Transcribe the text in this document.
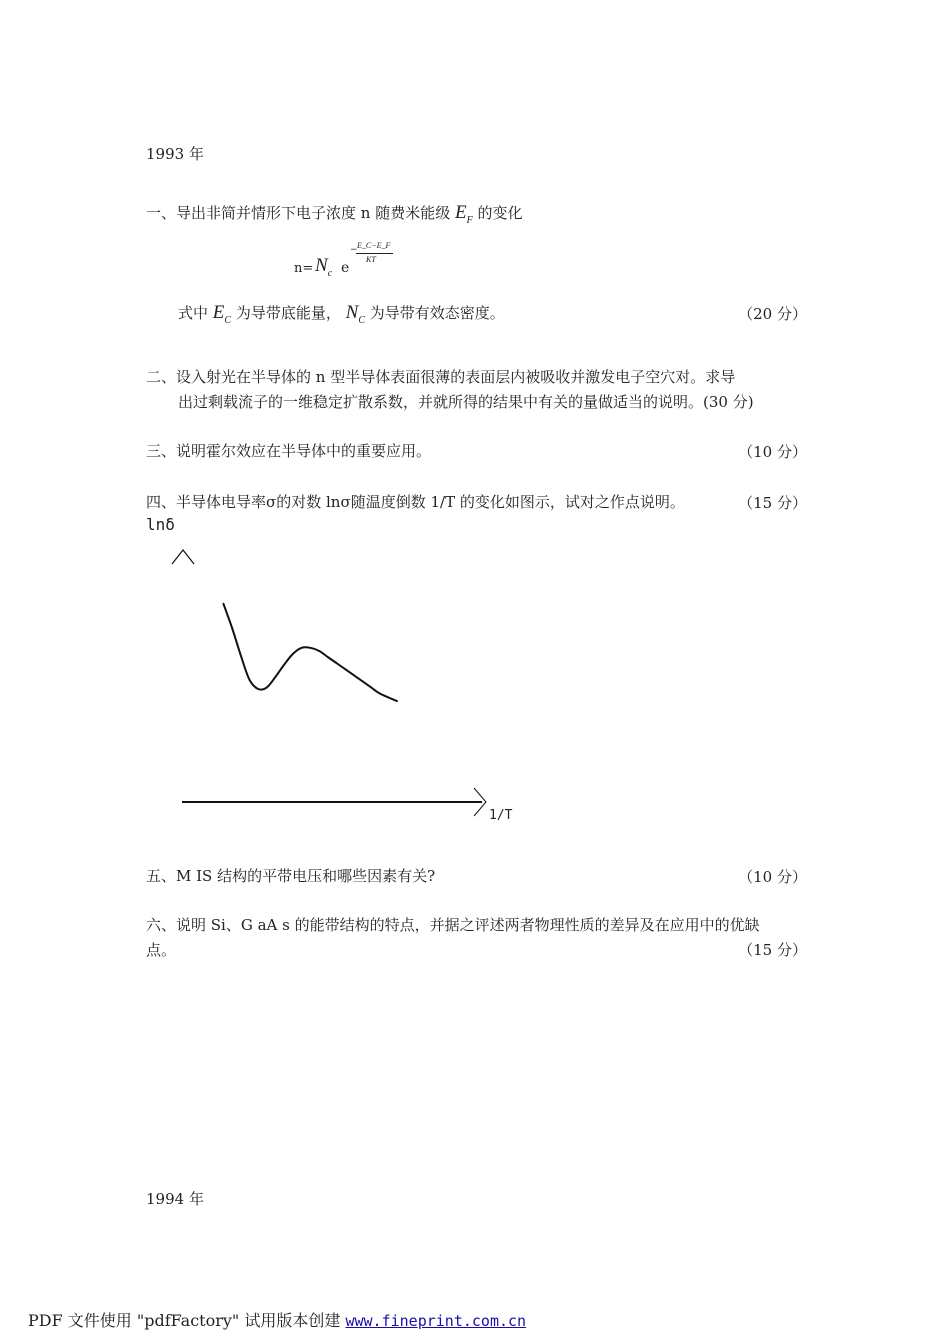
1993 年
一、导出非简并情形下电子浓度 n 随费米能级 $E_F$ 的变化
$n= N_c$ e
− E_C−E_F
KT
式中 $E_C$ 为导带底能量， $N_C$ 为导带有效态密度。	（20 分）
二、设入射光在半导体的 n 型半导体表面很薄的表面层内被吸收并激发电子空穴对。求导
出过剩载流子的一维稳定扩散系数，并就所得的结果中有关的量做适当的说明。(30 分)
三、说明霍尔效应在半导体中的重要应用。	（10 分）
四、半导体电导率σ的对数 lnσ随温度倒数 1/T 的变化如图示，试对之作点说明。	（15 分）
lnδ
1/T
五、M IS 结构的平带电压和哪些因素有关?	（10 分）
六、说明 Si、G aA s 的能带结构的特点，并据之评述两者物理性质的差异及在应用中的优缺
点。	（15 分）
1994 年
PDF 文件使用 "pdfFactory" 试用版本创建 www.fineprint.com.cn
